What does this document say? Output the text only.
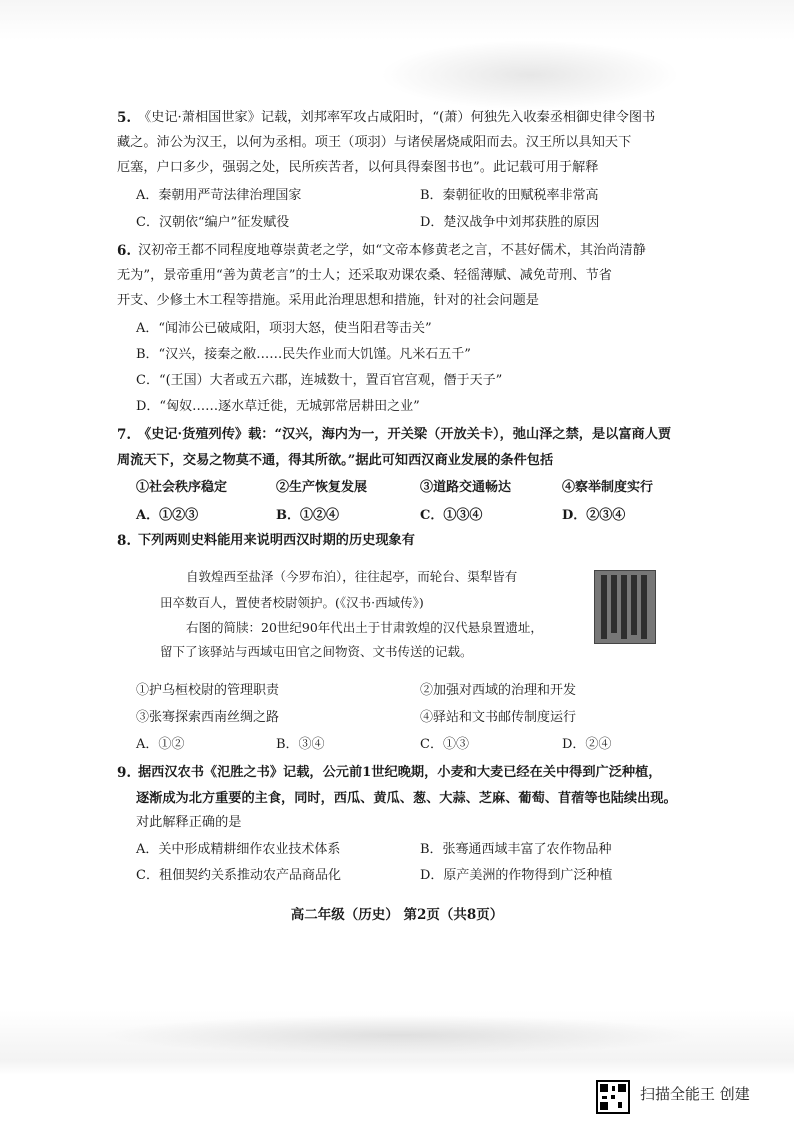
5. 《史记·萧相国世家》记载，刘邦率军攻占咸阳时，“(萧）何独先入收秦丞相御史律令图书
藏之。沛公为汉王，以何为丞相。项王（项羽）与诸侯屠烧咸阳而去。汉王所以具知天下
厄塞，户口多少，强弱之处，民所疾苦者，以何具得秦图书也”。此记载可用于解释
A．秦朝用严苛法律治理国家	B．秦朝征收的田赋税率非常高
C．汉朝依“编户”征发赋役	D．楚汉战争中刘邦获胜的原因
6. 汉初帝王都不同程度地尊崇黄老之学，如“文帝本修黄老之言，不甚好儒术，其治尚清静
无为”，景帝重用“善为黄老言”的士人；还采取劝课农桑、轻徭薄赋、减免苛刑、节省
开支、少修土木工程等措施。采用此治理思想和措施，针对的社会问题是
A．“闻沛公已破咸阳，项羽大怒，使当阳君等击关”
B．“汉兴，接秦之敝……民失作业而大饥馑。凡米石五千”
C．“(王国）大者或五六郡，连城数十，置百官宫观，僭于天子”
D．“匈奴……逐水草迁徙，无城郭常居耕田之业”
7. 《史记·货殖列传》载：“汉兴，海内为一，开关梁（开放关卡），弛山泽之禁，是以富商人贾
周流天下，交易之物莫不通，得其所欲。”据此可知西汉商业发展的条件包括
①社会秩序稳定	②生产恢复发展	③道路交通畅达	④察举制度实行
A．①②③	B．①②④	C．①③④	D．②③④
8. 下列两则史料能用来说明西汉时期的历史现象有
自敦煌西至盐泽（今罗布泊），往往起亭，而轮台、渠犁皆有
田卒数百人，置使者校尉领护。(《汉书·西域传》)
右图的简牍：20世纪90年代出土于甘肃敦煌的汉代悬泉置遗址，
留下了该驿站与西域屯田官之间物资、文书传送的记载。
①护乌桓校尉的管理职责	②加强对西域的治理和开发
③张骞探索西南丝绸之路	④驿站和文书邮传制度运行
A．①②	B．③④	C．①③	D．②④
9. 据西汉农书《氾胜之书》记载，公元前1世纪晚期，小麦和大麦已经在关中得到广泛种植，
逐渐成为北方重要的主食，同时，西瓜、黄瓜、葱、大蒜、芝麻、葡萄、苜蓿等也陆续出现。
对此解释正确的是
A．关中形成精耕细作农业技术体系	B．张骞通西域丰富了农作物品种
C．租佃契约关系推动农产品商品化	D．原产美洲的作物得到广泛种植
高二年级（历史） 第2页（共8页）
扫描全能王 创建
